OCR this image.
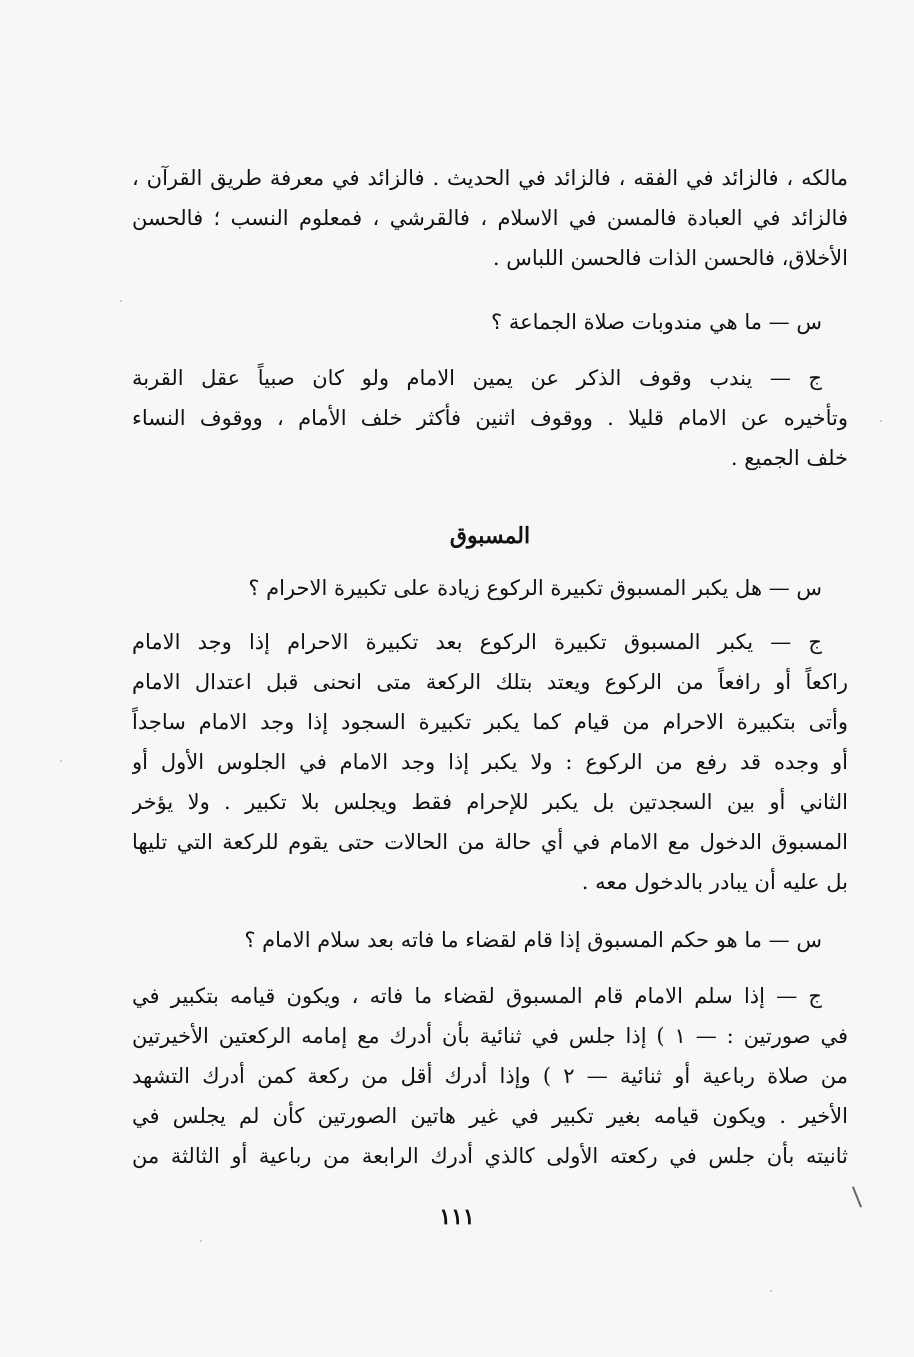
مالكه ، فالزائد في الفقه ، فالزائد في الحديث . فالزائد في معرفة طريق القرآن ،
فالزائد في العبادة فالمسن في الاسلام ، فالقرشي ، فمعلوم النسب ؛ فالحسن
الأخلاق، فالحسن الذات فالحسن اللباس .
س — ما هي مندوبات صلاة الجماعة ؟
ج — يندب وقوف الذكر عن يمين الامام ولو كان صبياً عقل القربة
وتأخيره عن الامام قليلا . ووقوف اثنين فأكثر خلف الأمام ، ووقوف النساء
خلف الجميع .
المسبوق
س — هل يكبر المسبوق تكبيرة الركوع زيادة على تكبيرة الاحرام ؟
ج — يكبر المسبوق تكبيرة الركوع بعد تكبيرة الاحرام إذا وجد الامام
راكعاً أو رافعاً من الركوع ويعتد بتلك الركعة متى انحنى قبل اعتدال الامام
وأتى بتكبيرة الاحرام من قيام كما يكبر تكبيرة السجود إذا وجد الامام ساجداً
أو وجده قد رفع من الركوع : ولا يكبر إذا وجد الامام في الجلوس الأول أو
الثاني أو بين السجدتين بل يكبر للإحرام فقط ويجلس بلا تكبير . ولا يؤخر
المسبوق الدخول مع الامام في أي حالة من الحالات حتى يقوم للركعة التي تليها
بل عليه أن يبادر بالدخول معه .
س — ما هو حكم المسبوق إذا قام لقضاء ما فاته بعد سلام الامام ؟
ج — إذا سلم الامام قام المسبوق لقضاء ما فاته ، ويكون قيامه بتكبير في
في صورتين : — ١ ) إذا جلس في ثنائية بأن أدرك مع إمامه الركعتين الأخيرتين
من صلاة رباعية أو ثنائية — ٢ ) وإذا أدرك أقل من ركعة كمن أدرك التشهد
الأخير . ويكون قيامه بغير تكبير في غير هاتين الصورتين كأن لم يجلس في
ثانيته بأن جلس في ركعته الأولى كالذي أدرك الرابعة من رباعية أو الثالثة من
١١١
